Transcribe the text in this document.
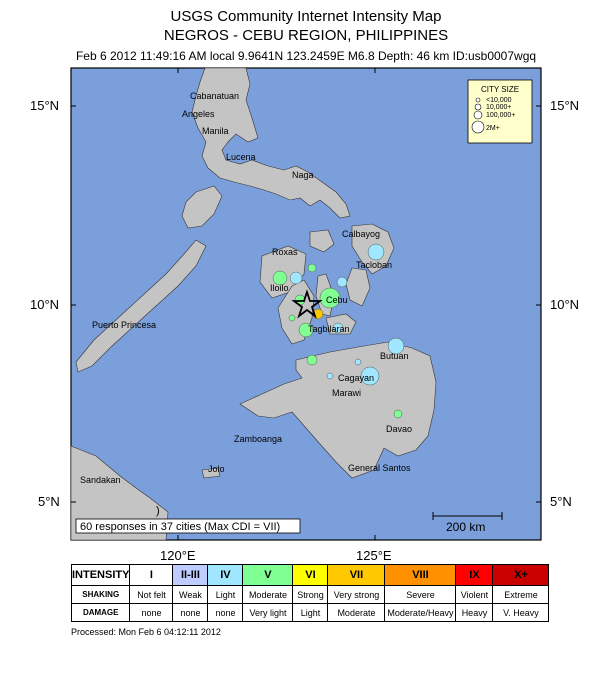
USGS Community Internet Intensity Map
NEGROS - CEBU REGION, PHILIPPINES
Feb 6 2012 11:49:16 AM local 9.9641N 123.2459E M6.8 Depth: 46 km ID:usb0007wgq
CITY SIZE
<10,000
10,000+
100,000+
2M+
Cabanatuan
Angeles
Manila
Lucena
Naga
Calbayog
Roxas
Tacloban
Iloilo
Cebu
Puerto Princesa	Tagbilaran
Butuan
Cagayan
Marawi
Davao
Zamboanga
Jolo	General Santos
Sandakan
60 responses in 37 cities (Max CDI = VII)
)
200 km
15°N
10°N
5°N
15°N
10°N
5°N
120°E	125°E
INTENSITY	I	II-III	IV	V	VI	VII	VIII	IX	X+
SHAKING	Not felt	Weak	Light	Moderate	Strong	Very strong	Severe	Violent	Extreme
DAMAGE	none	none	none	Very light	Light	Moderate	Moderate/Heavy	Heavy	V. Heavy
Processed: Mon Feb 6 04:12:11 2012
